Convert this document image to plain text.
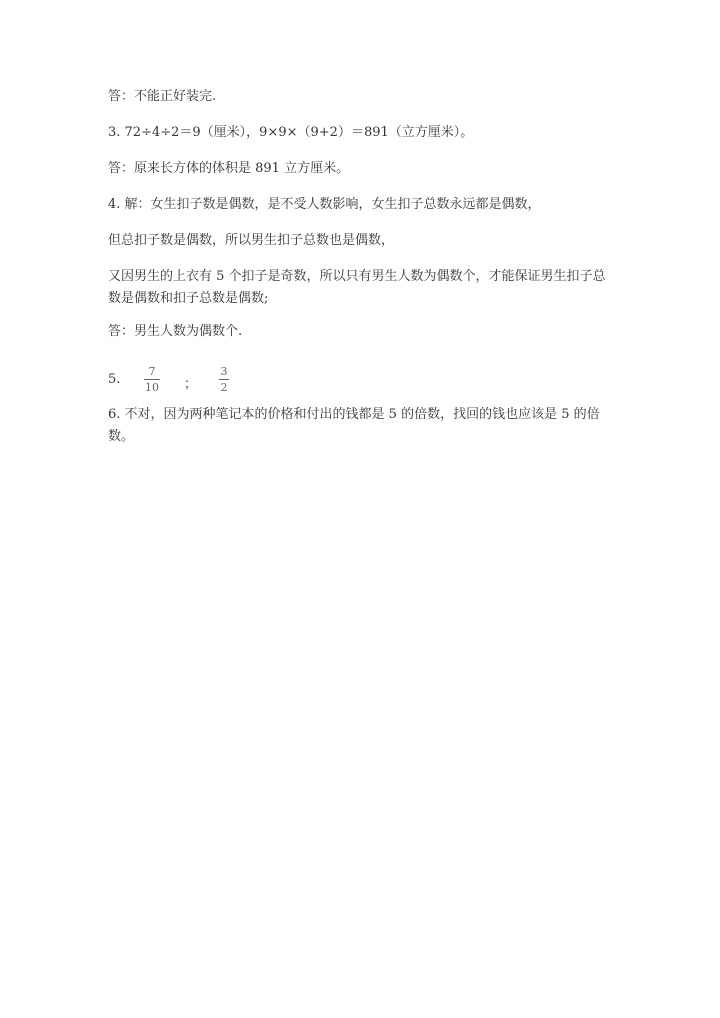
答：不能正好装完.
3. 72÷4÷2＝9（厘米），9×9×（9+2）＝891（立方厘米）。
答：原来长方体的体积是 891 立方厘米。
4. 解：女生扣子数是偶数，是不受人数影响，女生扣子总数永远都是偶数，
但总扣子数是偶数，所以男生扣子总数也是偶数，
又因男生的上衣有 5 个扣子是奇数，所以只有男生人数为偶数个，才能保证男生扣子总数是偶数和扣子总数是偶数;
答：男生人数为偶数个.
5.
7
10 ；
3
2
6. 不对，因为两种笔记本的价格和付出的钱都是 5 的倍数，找回的钱也应该是 5 的倍数。
